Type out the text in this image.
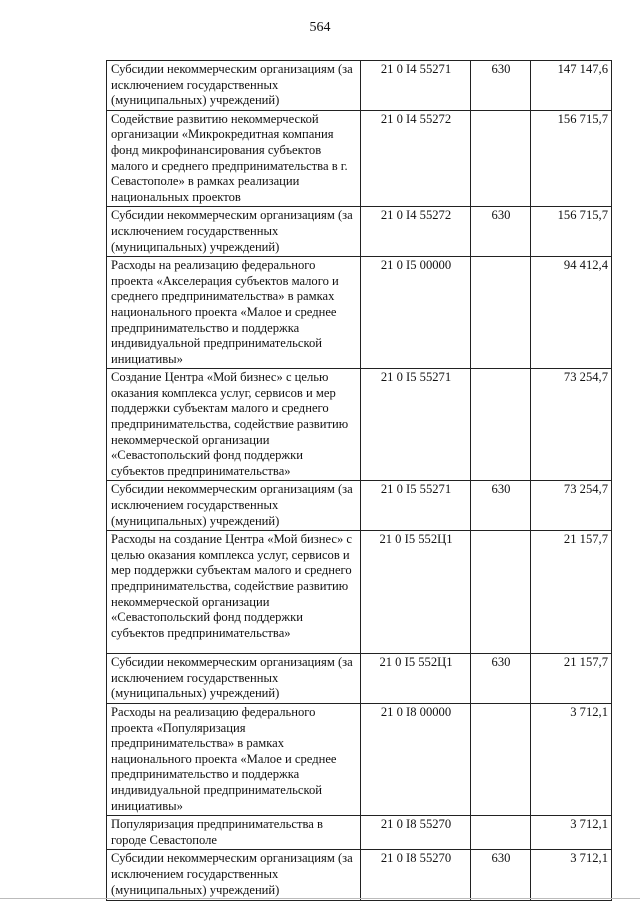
564
Субсидии некоммерческим организациям (за исключением государственных (муниципальных) учреждений)	21 0 I4 55271	630	147 147,6
Содействие развитию некоммерческой организации «Микрокредитная компания фонд микрофинансирования субъектов малого и среднего предпринимательства в г. Севастополе» в рамках реализации национальных проектов	21 0 I4 55272		156 715,7
Субсидии некоммерческим организациям (за исключением государственных (муниципальных) учреждений)	21 0 I4 55272	630	156 715,7
Расходы на реализацию федерального проекта «Акселерация субъектов малого и среднего предпринимательства» в рамках национального проекта «Малое и среднее предпринимательство и поддержка индивидуальной предпринимательской инициативы»	21 0 I5 00000		94 412,4
Создание Центра «Мой бизнес» с целью оказания комплекса услуг, сервисов и мер поддержки субъектам малого и среднего предпринимательства, содействие развитию некоммерческой организации «Севастопольский фонд поддержки субъектов предпринимательства»	21 0 I5 55271		73 254,7
Субсидии некоммерческим организациям (за исключением государственных (муниципальных) учреждений)	21 0 I5 55271	630	73 254,7
Расходы на создание Центра «Мой бизнес» с целью оказания комплекса услуг, сервисов и мер поддержки субъектам малого и среднего предпринимательства, содействие развитию некоммерческой организации «Севастопольский фонд поддержки субъектов предпринимательства»	21 0 I5 552Ц1		21 157,7
Субсидии некоммерческим организациям (за исключением государственных (муниципальных) учреждений)	21 0 I5 552Ц1	630	21 157,7
Расходы на реализацию федерального проекта «Популяризация предпринимательства» в рамках национального проекта «Малое и среднее предпринимательство и поддержка индивидуальной предпринимательской инициативы»	21 0 I8 00000		3 712,1
Популяризация предпринимательства в городе Севастополе	21 0 I8 55270		3 712,1
Субсидии некоммерческим организациям (за исключением государственных (муниципальных) учреждений)	21 0 I8 55270	630	3 712,1
